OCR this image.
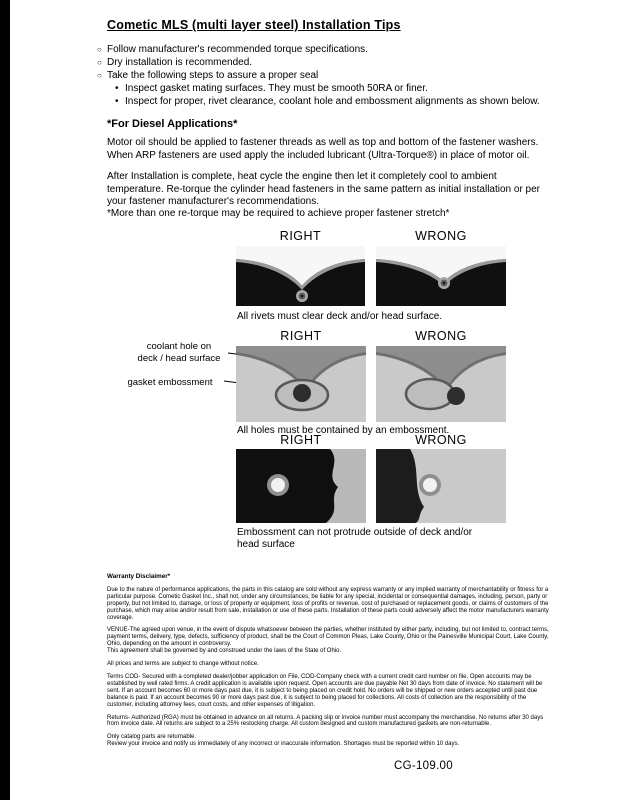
Cometic MLS (multi layer steel) Installation Tips
○ Follow manufacturer's recommended torque specifications.
○ Dry installation is recommended.
○ Take the following steps to assure a proper seal
• Inspect gasket mating surfaces. They must be smooth 50RA or finer.
• Inspect for proper, rivet clearance, coolant hole and embossment alignments as shown below.
*For Diesel Applications*
Motor oil should be applied to fastener threads as well as top and bottom of the fastener washers. When ARP fasteners are used apply the included lubricant (Ultra-Torque®) in place of motor oil.
After Installation is complete, heat cycle the engine then let it completely cool to ambient temperature. Re-torque the cylinder head fasteners in the same pattern as initial installation or per your fastener manufacturer's recommendations.
*More than one re-torque may be required to achieve proper fastener stretch*
RIGHT	WRONG
All rivets must clear deck and/or head surface.
RIGHT	WRONG
coolant hole on
deck / head surface
gasket embossment
All holes must be contained by an embossment.
RIGHT	WRONG
Embossment can not protrude outside of deck and/or head surface
Warranty Disclaimer*
Due to the nature of performance applications, the parts in this catalog are sold without any express warranty or any implied warranty of merchantability or fitness for a particular purpose. Cometic Gasket Inc., shall not, under any circumstances, be liable for any special, incidental or consequential damages, including, person, party or property, but not limited to, damage, or loss of property or equipment, loss of profits or revenue, cost of purchased or replacement goods, or claims of customers of the purchase, which may arise and/or result from sale, installation or use of these parts. Installation of these parts could adversely affect the motor manufacturers warranty coverage.
VENUE-The agreed upon venue, in the event of dispute whatsoever between the parties, whether instituted by either party, including, but not limited to, contract terms, payment terms, delivery, type, defects, sufficiency of product, shall be the Court of Common Pleas, Lake County, Ohio or the Painesville Municipal Court, Lake County, Ohio, depending on the amount in controversy.
This agreement shall be governed by and construed under the laws of the State of Ohio.
All prices and terms are subject to change without notice.
Terms COD- Secured with a completed dealer/jobber application on File, COD-Company check with a current credit card number on file. Open accounts may be established by well rated firms. A credit application is available upon request. Open accounts are due payable Net 30 days from date of invoice. No statement will be sent. If an account becomes 60 or more days past due, it is subject to being placed on credit hold. No orders will be shipped or new orders accepted until past due balance is paid. If an account becomes 90 or more days past due, it is subject to being placed for collections. All costs of collection are the responsibility of the customer, including attorney fees, court costs, and other expenses of litigation.
Returns- Authorized (RGA) must be obtained in advance on all returns. A packing slip or invoice number must accompany the merchandise. No returns after 30 days from invoice date. All returns are subject to a 25% restocking charge. All custom designed and custom manufactured gaskets are non-returnable.
Only catalog parts are returnable.
Review your invoice and notify us immediately of any incorrect or inaccurate information. Shortages must be reported within 10 days.
CG-109.00
